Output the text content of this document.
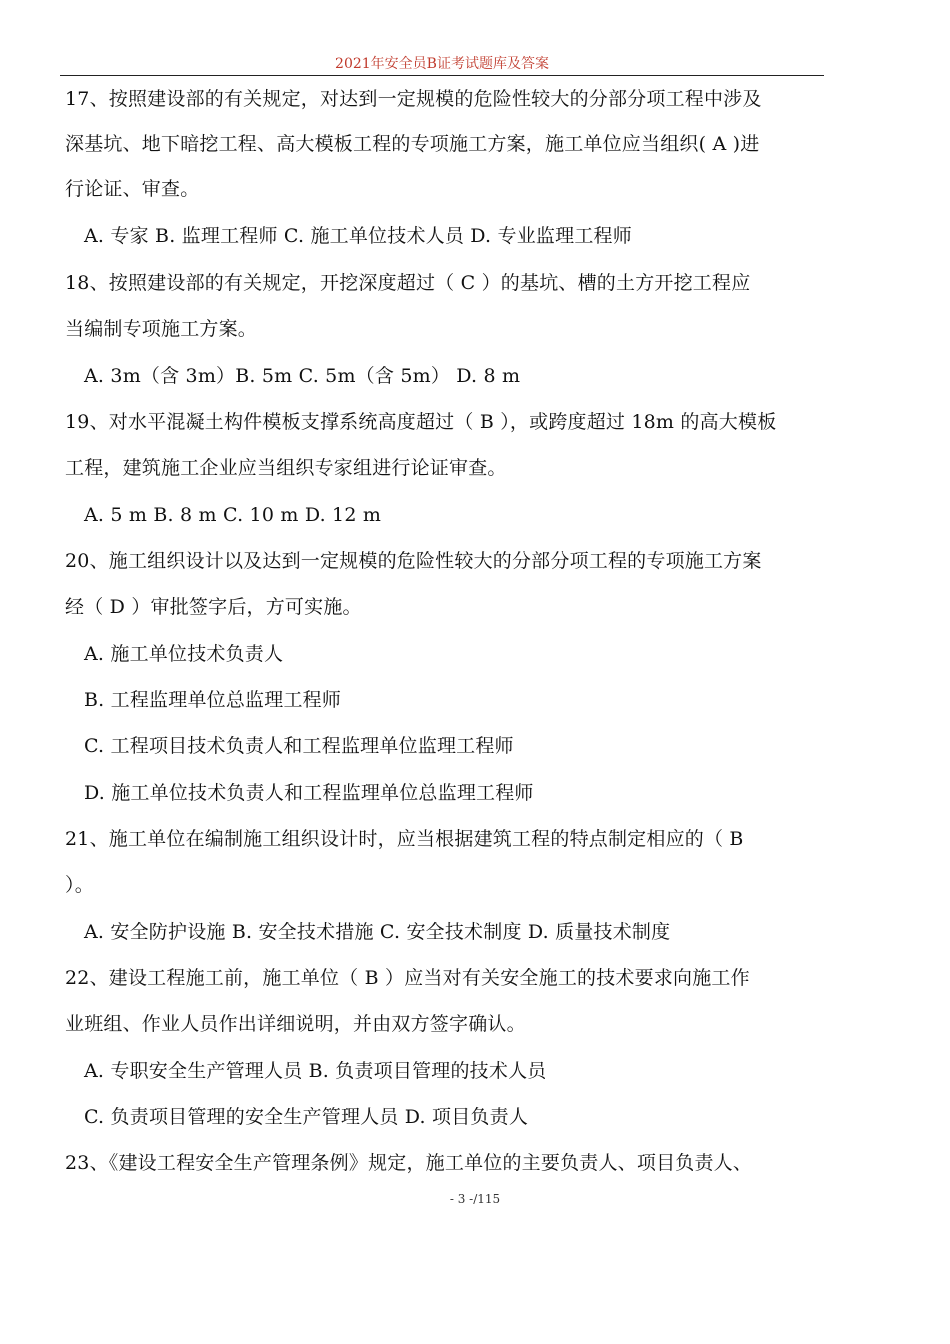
2021年安全员B证考试题库及答案
17、按照建设部的有关规定，对达到一定规模的危险性较大的分部分项工程中涉及
深基坑、地下暗挖工程、高大模板工程的专项施工方案，施工单位应当组织( A )进
行论证、审查。
A. 专家 B. 监理工程师 C. 施工单位技术人员 D. 专业监理工程师
18、按照建设部的有关规定，开挖深度超过（ C ）的基坑、槽的土方开挖工程应
当编制专项施工方案。
A. 3m（含 3m）B. 5m C. 5m（含 5m） D. 8 m
19、对水平混凝土构件模板支撑系统高度超过（ B ），或跨度超过 18m 的高大模板
工程，建筑施工企业应当组织专家组进行论证审查。
A. 5 m B. 8 m C. 10 m D. 12 m
20、施工组织设计以及达到一定规模的危险性较大的分部分项工程的专项施工方案
经（ D ）审批签字后，方可实施。
A. 施工单位技术负责人
B. 工程监理单位总监理工程师
C. 工程项目技术负责人和工程监理单位监理工程师
D. 施工单位技术负责人和工程监理单位总监理工程师
21、施工单位在编制施工组织设计时，应当根据建筑工程的特点制定相应的（ B
）。
A. 安全防护设施 B. 安全技术措施 C. 安全技术制度 D. 质量技术制度
22、建设工程施工前，施工单位（ B ）应当对有关安全施工的技术要求向施工作
业班组、作业人员作出详细说明，并由双方签字确认。
A. 专职安全生产管理人员 B. 负责项目管理的技术人员
C. 负责项目管理的安全生产管理人员 D. 项目负责人
23、《建设工程安全生产管理条例》规定，施工单位的主要负责人、项目负责人、
- 3 -/115
